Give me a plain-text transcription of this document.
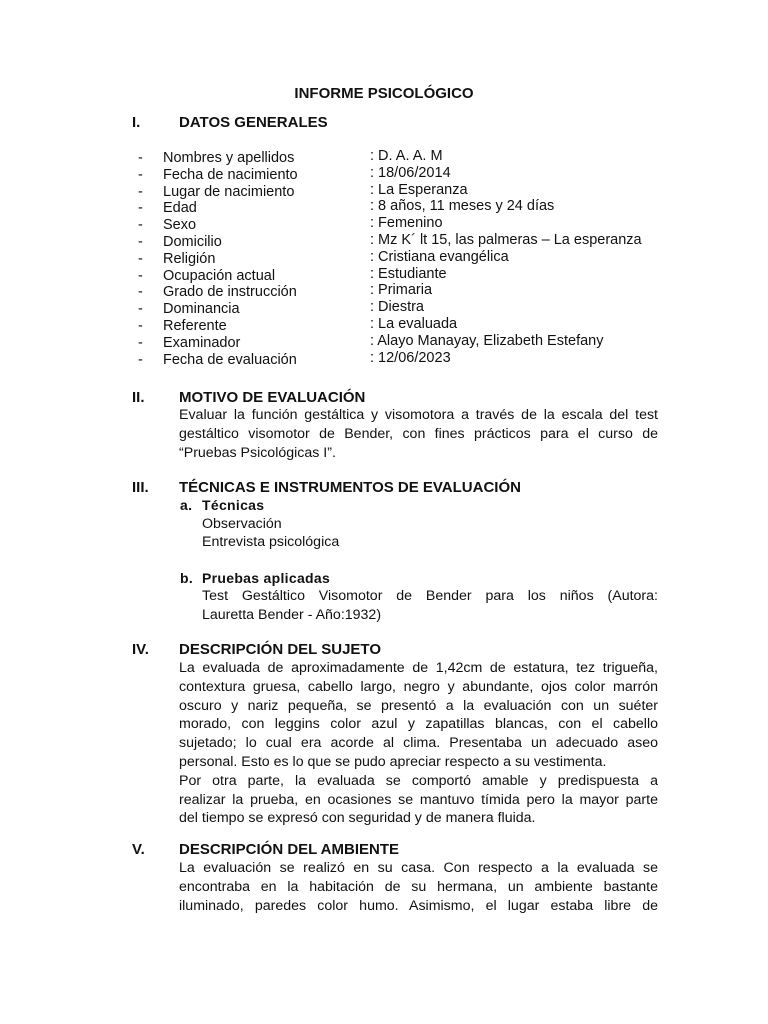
INFORME PSICOLÓGICO
I.	DATOS GENERALES
- Nombres y apellidos	: D. A. A. M
- Fecha de nacimiento	: 18/06/2014
- Lugar de nacimiento	: La Esperanza
- Edad	: 8 años, 11 meses y 24 días
- Sexo	: Femenino
- Domicilio	: Mz K´ lt 15, las palmeras – La esperanza
- Religión	: Cristiana evangélica
- Ocupación actual	: Estudiante
- Grado de instrucción	: Primaria
- Dominancia	: Diestra
- Referente	: La evaluada
- Examinador	: Alayo Manayay, Elizabeth Estefany
- Fecha de evaluación	: 12/06/2023
II. MOTIVO DE EVALUACIÓN
Evaluar la función gestáltica y visomotora a través de la escala del test
gestáltico visomotor de Bender, con fines prácticos para el curso de
“Pruebas Psicológicas I”.
III. TÉCNICAS E INSTRUMENTOS DE EVALUACIÓN
a. Técnicas
Observación
Entrevista psicológica
b. Pruebas aplicadas
Test Gestáltico Visomotor de Bender para los niños (Autora:
Lauretta Bender - Año:1932)
IV. DESCRIPCIÓN DEL SUJETO
La evaluada de aproximadamente de 1,42cm de estatura, tez trigueña,
contextura gruesa, cabello largo, negro y abundante, ojos color marrón
oscuro y nariz pequeña, se presentó a la evaluación con un suéter
morado, con leggins color azul y zapatillas blancas, con el cabello
sujetado; lo cual era acorde al clima. Presentaba un adecuado aseo
personal. Esto es lo que se pudo apreciar respecto a su vestimenta.
Por otra parte, la evaluada se comportó amable y predispuesta a
realizar la prueba, en ocasiones se mantuvo tímida pero la mayor parte
del tiempo se expresó con seguridad y de manera fluida.
V. DESCRIPCIÓN DEL AMBIENTE
La evaluación se realizó en su casa. Con respecto a la evaluada se
encontraba en la habitación de su hermana, un ambiente bastante
iluminado, paredes color humo. Asimismo, el lugar estaba libre de
